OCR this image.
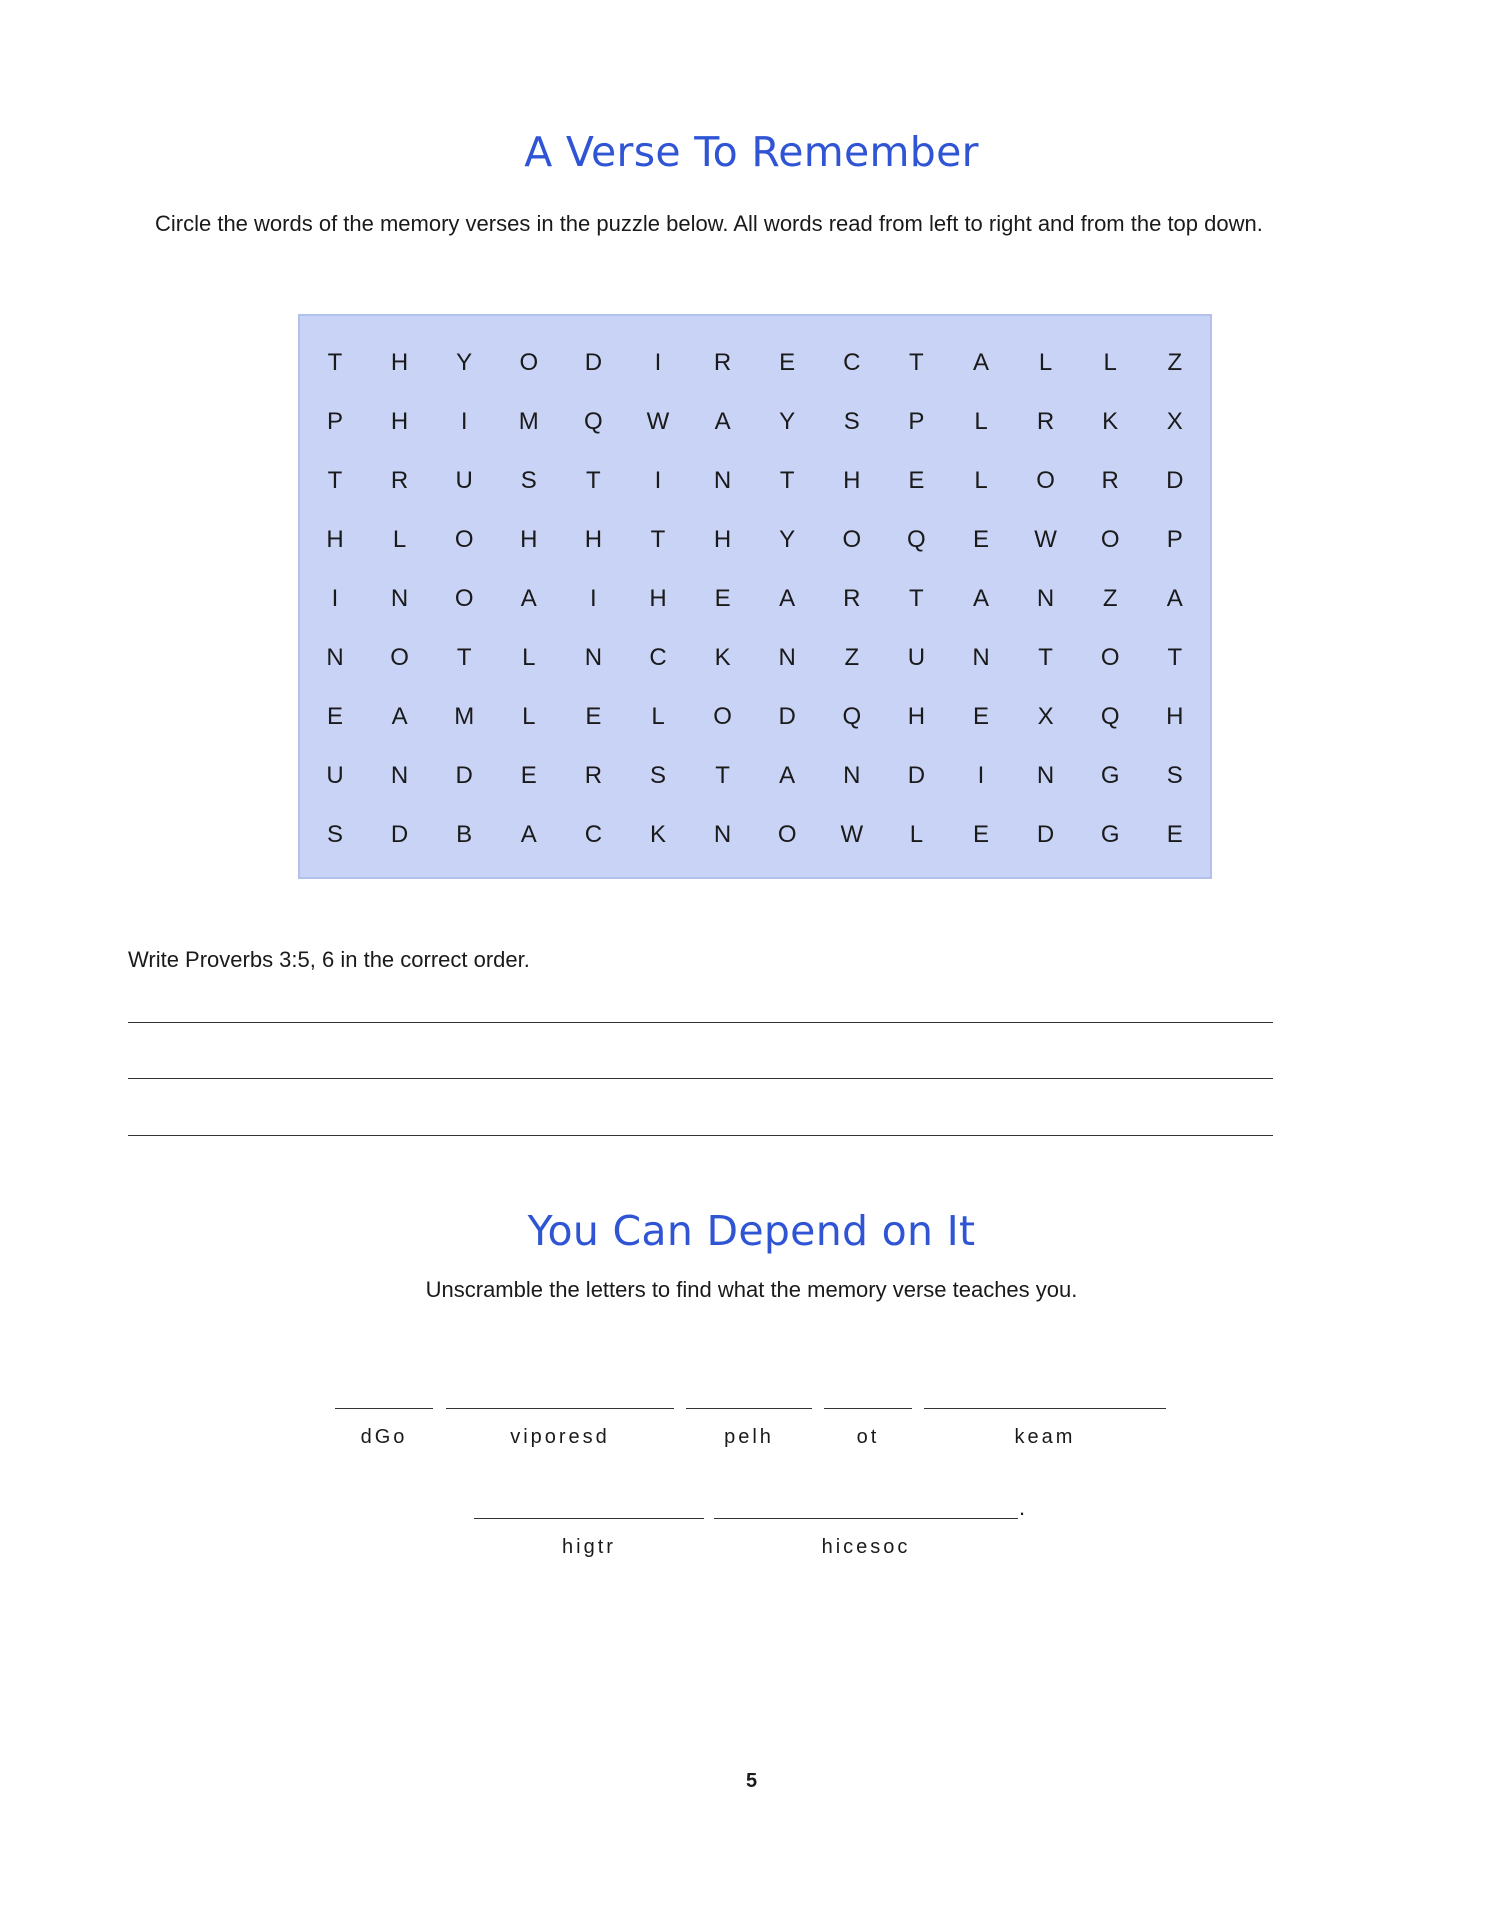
A Verse To Remember

Circle the words of the memory verses in the puzzle below. All words read from left to right and from the top down.

T	H	Y	O	D	I	R	E	C	T	A	L	L	Z
P	H	I	M	Q	W	A	Y	S	P	L	R	K	X
T	R	U	S	T	I	N	T	H	E	L	O	R	D
H	L	O	H	H	T	H	Y	O	Q	E	W	O	P
I	N	O	A	I	H	E	A	R	T	A	N	Z	A
N	O	T	L	N	C	K	N	Z	U	N	T	O	T
E	A	M	L	E	L	O	D	Q	H	E	X	Q	H
U	N	D	E	R	S	T	A	N	D	I	N	G	S
S	D	B	A	C	K	N	O	W	L	E	D	G	E

Write Proverbs 3:5, 6 in the correct order.

You Can Depend on It

Unscramble the letters to find what the memory verse teaches you.

dGo	viporesd	pelh	ot	keam
.
higtr	hicesoc
5
